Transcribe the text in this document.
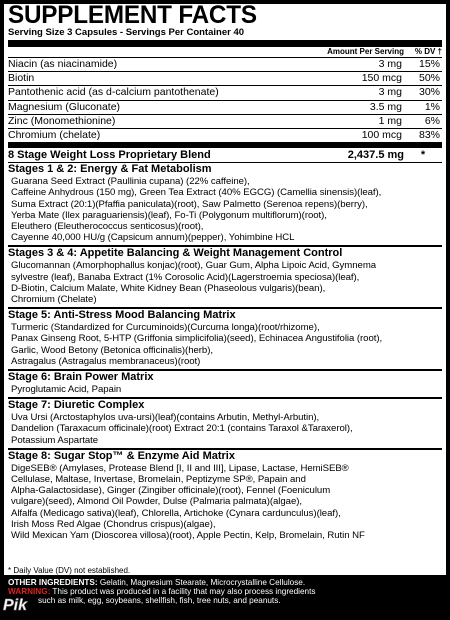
SUPPLEMENT FACTS
Serving Size 3 Capsules - Servings Per Container 40
Amount Per Serving	% DV †
Niacin (as niacinamide)	3 mg	15%
Biotin	150 mcg	50%
Pantothenic acid (as d-calcium pantothenate)	3 mg	30%
Magnesium (Gluconate)	3.5 mg	1%
Zinc (Monomethionine)	1 mg	6%
Chromium (chelate)	100 mcg	83%
8 Stage Weight Loss Proprietary Blend	2,437.5 mg	*
Stages 1 & 2: Energy & Fat Metabolism

Guarana Seed Extract (Paullinia cupana) (22% caffeine),
Caffeine Anhydrous (150 mg), Green Tea Extract (40% EGCG) (Camellia sinensis)(leaf),
Suma Extract (20:1)(Pfaffia paniculata)(root), Saw Palmetto (Serenoa repens)(berry),
Yerba Mate (Ilex paraguariensis)(leaf), Fo-Ti (Polygonum multiflorum)(root),
Eleuthero (Eleutherococcus senticosus)(root),
Cayenne 40,000 HU/g (Capsicum annum)(pepper), Yohimbine HCL

Stages 3 & 4: Appetite Balancing & Weight Management Control

Glucomannan (Amorphophallus konjac)(root), Guar Gum, Alpha Lipoic Acid, Gymnema
sylvestre (leaf), Banaba Extract (1% Corosolic Acid)(Lagerstroemia speciosa)(leaf),
D-Biotin, Calcium Malate, White Kidney Bean (Phaseolous vulgaris)(bean),
Chromium (Chelate)

Stage 5: Anti-Stress Mood Balancing Matrix

Turmeric (Standardized for Curcuminoids)(Curcuma longa)(root/rhizome),
Panax Ginseng Root, 5-HTP (Griffonia simplicifolia)(seed), Echinacea Angustifolia (root),
Garlic, Wood Betony (Betonica officinalis)(herb),
Astragalus (Astragalus membranaceus)(root)

Stage 6: Brain Power Matrix

Pyroglutamic Acid, Papain

Stage 7: Diuretic Complex

Uva Ursi (Arctostaphylos uva-ursi)(leaf)(contains Arbutin, Methyl-Arbutin),
Dandelion (Taraxacum officinale)(root) Extract 20:1 (contains Taraxol &Taraxerol),
Potassium Aspartate

Stage 8: Sugar Stop™ & Enzyme Aid Matrix

DigeSEB® (Amylases, Protease Blend [I, II and III], Lipase, Lactase, HemiSEB®
Cellulase, Maltase, Invertase, Bromelain, Peptizyme SP®, Papain and
Alpha-Galactosidase), Ginger (Zingiber officinale)(root), Fennel (Foeniculum
vulgare)(seed), Almond Oil Powder, Dulse (Palmaria palmata)(algae),
Alfalfa (Medicago sativa)(leaf), Chlorella, Artichoke (Cynara cardunculus)(leaf),
Irish Moss Red Algae (Chondrus crispus)(algae),
Wild Mexican Yam (Dioscorea villosa)(root), Apple Pectin, Kelp, Bromelain, Rutin NF

* Daily Value (DV) not established.
OTHER INGREDIENTS: Gelatin, Magnesium Stearate, Microcrystalline Cellulose.
WARNING: This product was produced in a facility that may also process ingredients
such as milk, egg, soybeans, shellfish, fish, tree nuts, and peanuts.
Pik
